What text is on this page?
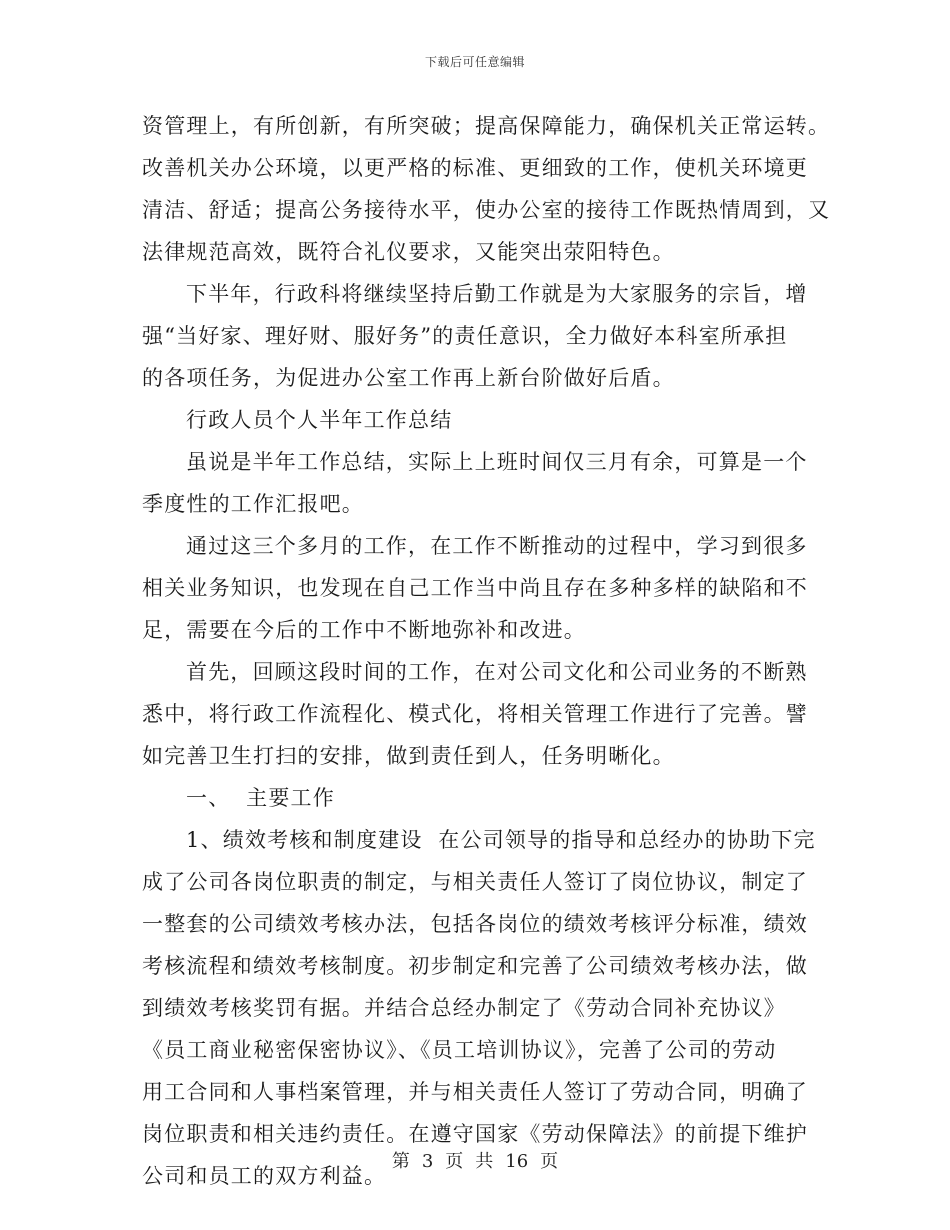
下载后可任意编辑
资管理上，有所创新，有所突破；提高保障能力，确保机关正常运转。
改善机关办公环境，以更严格的标准、更细致的工作，使机关环境更
清洁、舒适；提高公务接待水平，使办公室的接待工作既热情周到，又
法律规范高效，既符合礼仪要求，又能突出荥阳特色。
下半年，行政科将继续坚持后勤工作就是为大家服务的宗旨，增
强“当好家、理好财、服好务”的责任意识，全力做好本科室所承担
的各项任务，为促进办公室工作再上新台阶做好后盾。
行政人员个人半年工作总结
虽说是半年工作总结，实际上上班时间仅三月有余，可算是一个
季度性的工作汇报吧。
通过这三个多月的工作，在工作不断推动的过程中，学习到很多
相关业务知识，也发现在自己工作当中尚且存在多种多样的缺陷和不
足，需要在今后的工作中不断地弥补和改进。
首先，回顾这段时间的工作，在对公司文化和公司业务的不断熟
悉中，将行政工作流程化、模式化，将相关管理工作进行了完善。譬
如完善卫生打扫的安排，做到责任到人，任务明晰化。
一、  主要工作
1、绩效考核和制度建设  在公司领导的指导和总经办的协助下完
成了公司各岗位职责的制定，与相关责任人签订了岗位协议，制定了
一整套的公司绩效考核办法，包括各岗位的绩效考核评分标准，绩效
考核流程和绩效考核制度。初步制定和完善了公司绩效考核办法，做
到绩效考核奖罚有据。并结合总经办制定了《劳动合同补充协议》
《员工商业秘密保密协议》、《员工培训协议》，完善了公司的劳动
用工合同和人事档案管理，并与相关责任人签订了劳动合同，明确了
岗位职责和相关违约责任。在遵守国家《劳动保障法》的前提下维护
公司和员工的双方利益。
第 3 页 共 16 页
